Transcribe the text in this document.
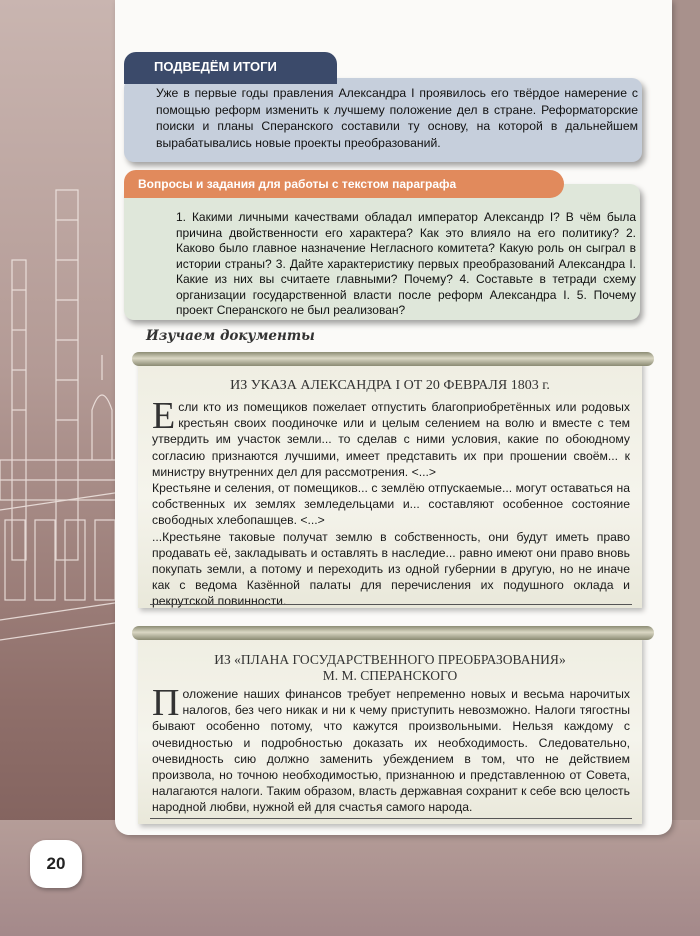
ПОДВЕДЁМ ИТОГИ
Уже в первые годы правления Александра I проявилось его твёрдое намерение с помощью реформ изменить к лучшему положение дел в стране. Реформаторские поиски и планы Сперанского составили ту основу, на которой в дальнейшем вырабатывались новые проекты преобразований.
Вопросы и задания для работы с текстом параграфа
1. Какими личными качествами обладал император Александр I? В чём была причина двойственности его характера? Как это влияло на его политику? 2. Каково было главное назначение Негласного комитета? Какую роль он сыграл в истории страны? 3. Дайте характеристику первых преобразований Александра I. Какие из них вы считаете главными? Почему? 4. Составьте в тетради схему организации государственной власти после реформ Александра I. 5. Почему проект Сперанского не был реализован?
Изучаем документы
ИЗ УКАЗА АЛЕКСАНДРА I ОТ 20 ФЕВРАЛЯ 1803 г.
Если кто из помещиков пожелает отпустить благоприобретённых или родовых крестьян своих поодиночке или и целым селением на волю и вместе с тем утвердить им участок земли... то сделав с ними условия, какие по обоюдному согласию признаются лучшими, имеет представить их при прошении своём... к министру внутренних дел для рассмотрения. <...>
Крестьяне и селения, от помещиков... с землёю отпускаемые... могут оставаться на собственных их землях земледельцами и... составляют особенное состояние свободных хлебопашцев. <...>
...Крестьяне таковые получат землю в собственность, они будут иметь право продавать её, закладывать и оставлять в наследие... равно имеют они право вновь покупать земли, а потому и переходить из одной губернии в другую, но не иначе как с ведома Казённой палаты для перечисления их подушного оклада и рекрутской повинности.
ИЗ «ПЛАНА ГОСУДАРСТВЕННОГО ПРЕОБРАЗОВАНИЯ»
М. М. СПЕРАНСКОГО
Положение наших финансов требует непременно новых и весьма нарочитых налогов, без чего никак и ни к чему приступить невозможно. Налоги тягостны бывают особенно потому, что кажутся произвольными. Нельзя каждому с очевидностью и подробностью доказать их необходимость. Следовательно, очевидность сию должно заменить убеждением в том, что не действием произвола, но точною необходимостью, признанною и представленною от Совета, налагаются налоги. Таким образом, власть державная сохранит к себе всю целость народной любви, нужной ей для счастья самого народа.
20
